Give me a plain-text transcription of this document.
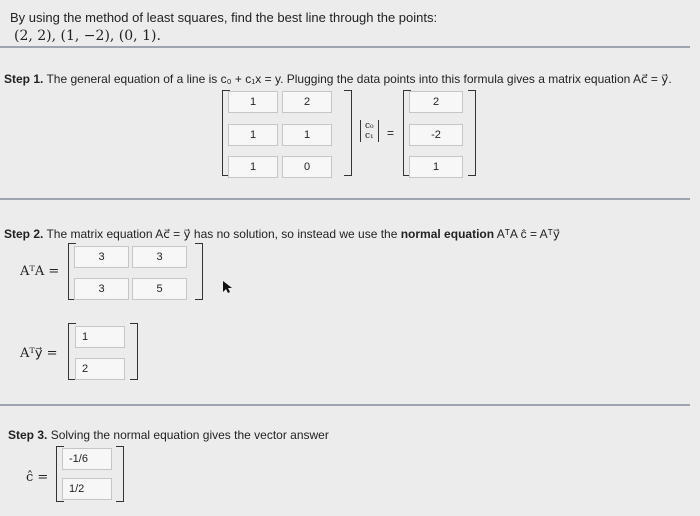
By using the method of least squares, find the best line through the points:
(2, 2), (1, −2), (0, 1).
Step 1. The general equation of a line is c₀ + c₁x = y. Plugging the data points into this formula gives a matrix equation Ac⃗ = y⃗.
1	2
1	1
1	0
c₀
c₁ =
2
-2
1
Step 2. The matrix equation Ac⃗ = y⃗ has no solution, so instead we use the normal equation AᵀA ĉ = Aᵀy⃗
AᵀA =
3	3
3	5
Aᵀy⃗ =
1
2
Step 3. Solving the normal equation gives the vector answer
ĉ =
-1/6
1/2
